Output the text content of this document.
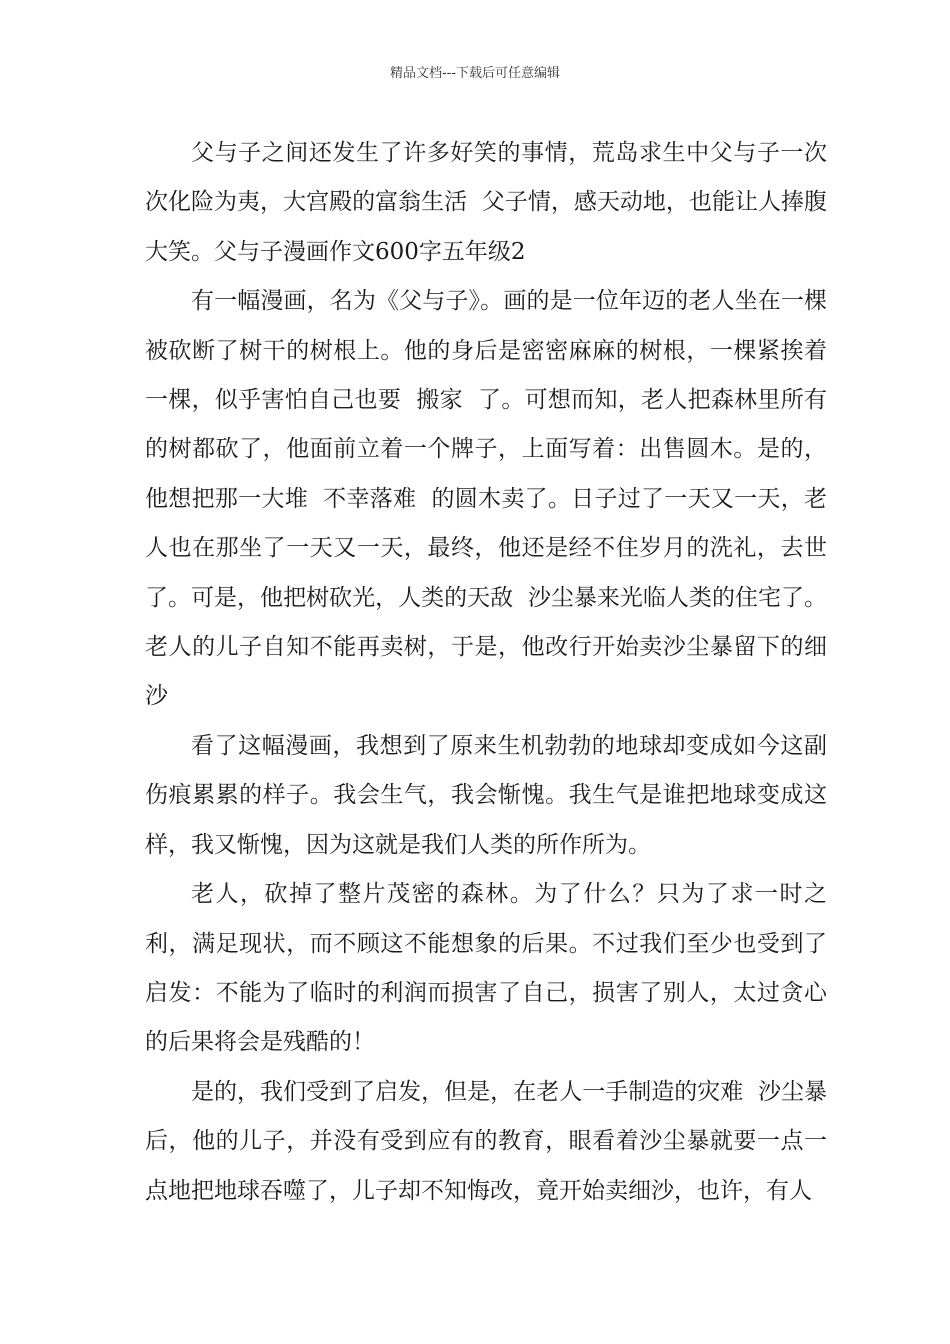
精品文档---下载后可任意编辑

父与子之间还发生了许多好笑的事情，荒岛求生中父与子一次次化险为夷，大宫殿的富翁生活  父子情，感天动地，也能让人捧腹大笑。父与子漫画作文600字五年级2

有一幅漫画，名为《父与子》。画的是一位年迈的老人坐在一棵被砍断了树干的树根上。他的身后是密密麻麻的树根，一棵紧挨着一棵，似乎害怕自己也要  搬家  了。可想而知，老人把森林里所有的树都砍了，他面前立着一个牌子，上面写着：出售圆木。是的，他想把那一大堆  不幸落难  的圆木卖了。日子过了一天又一天，老人也在那坐了一天又一天，最终，他还是经不住岁月的洗礼，去世了。可是，他把树砍光，人类的天敌  沙尘暴来光临人类的住宅了。老人的儿子自知不能再卖树，于是，他改行开始卖沙尘暴留下的细沙

看了这幅漫画，我想到了原来生机勃勃的地球却变成如今这副伤痕累累的样子。我会生气，我会惭愧。我生气是谁把地球变成这样，我又惭愧，因为这就是我们人类的所作所为。

老人，砍掉了整片茂密的森林。为了什么？只为了求一时之利，满足现状，而不顾这不能想象的后果。不过我们至少也受到了启发：不能为了临时的利润而损害了自己，损害了别人，太过贪心的后果将会是残酷的！

是的，我们受到了启发，但是，在老人一手制造的灾难  沙尘暴后，他的儿子，并没有受到应有的教育，眼看着沙尘暴就要一点一点地把地球吞噬了，儿子却不知悔改，竟开始卖细沙，也许，有人
